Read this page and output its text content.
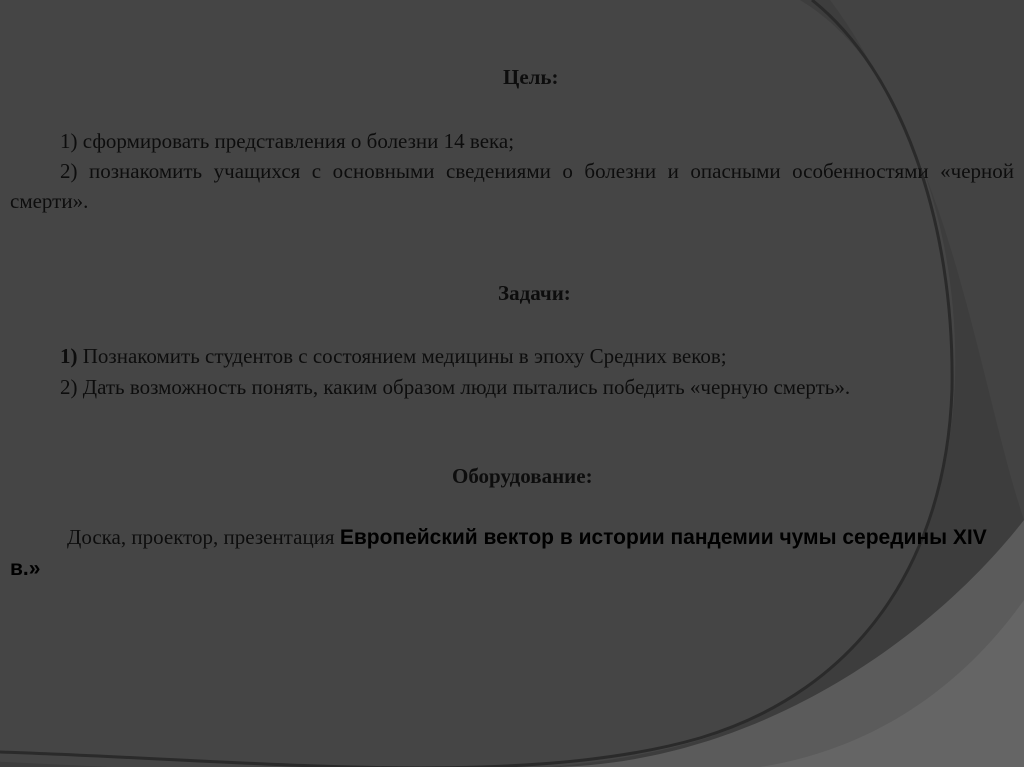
Цель:
1) сформировать представления о болезни 14 века;
2) познакомить учащихся с основными сведениями о болезни и опасными особенностями «черной смерти».
Задачи:
1) Познакомить студентов с состоянием медицины в эпоху Средних веков;
2) Дать возможность понять, каким образом люди пытались победить «черную смерть».
Оборудование:
Доска, проектор, презентация Европейский вектор в истории пандемии чумы середины XIV в.»
